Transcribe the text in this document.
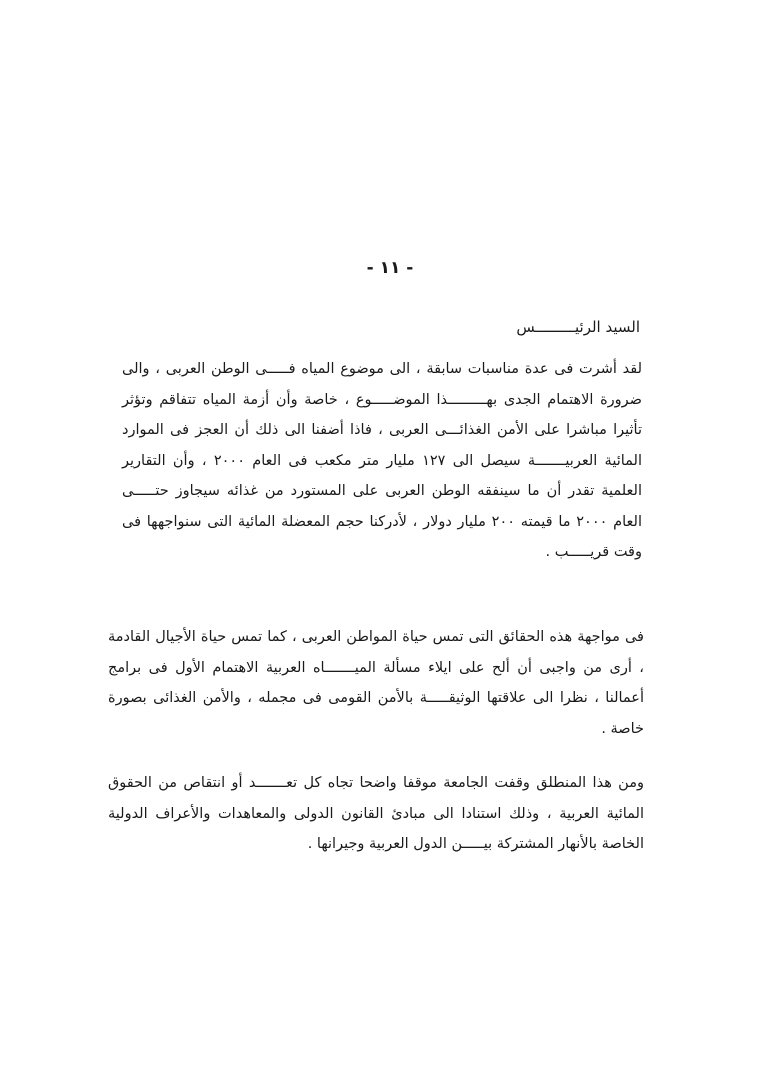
- ١١ -
السيد الرئيـــــــــس

لقد أشرت فى عدة مناسبات سابقة ، الى موضوع المياه فـــــى الوطن العربى ، والى ضرورة الاهتمام الجدى بهـــــــــذا الموضـــــوع ، خاصة وأن أزمة المياه تتفاقم وتؤثر تأثيرا مباشرا على الأمن الغذائـــى العربى ، فاذا أضفنا الى ذلك أن العجز فى الموارد المائية العربيـــــــة سيصل الى ١٢٧ مليار متر مكعب فى العام ٢٠٠٠ ، وأن التقارير العلمية تقدر أن ما سينفقه الوطن العربى على المستورد من غذائه سيجاوز حتـــــى العام ٢٠٠٠ ما قيمته ٢٠٠ مليار دولار ، لأدركنا حجم المعضلة المائية التى سنواجهها فى وقت قريـــــب .

فى مواجهة هذه الحقائق التى تمس حياة المواطن العربى ، كما تمس حياة الأجيال القادمة ، أرى من واجبى أن ألح على ايلاء مسألة الميـــــــاه العربية الاهتمام الأول فى برامج أعمالنا ، نظرا الى علاقتها الوثيقـــــة بالأمن القومى فى مجمله ، والأمن الغذائى بصورة خاصة .

ومن هذا المنطلق وقفت الجامعة موقفا واضحا تجاه كل تعـــــــد أو انتقاص من الحقوق المائية العربية ، وذلك استنادا الى مبادئ القانون الدولى والمعاهدات والأعراف الدولية الخاصة بالأنهار المشتركة بيـــــن الدول العربية وجيرانها .
